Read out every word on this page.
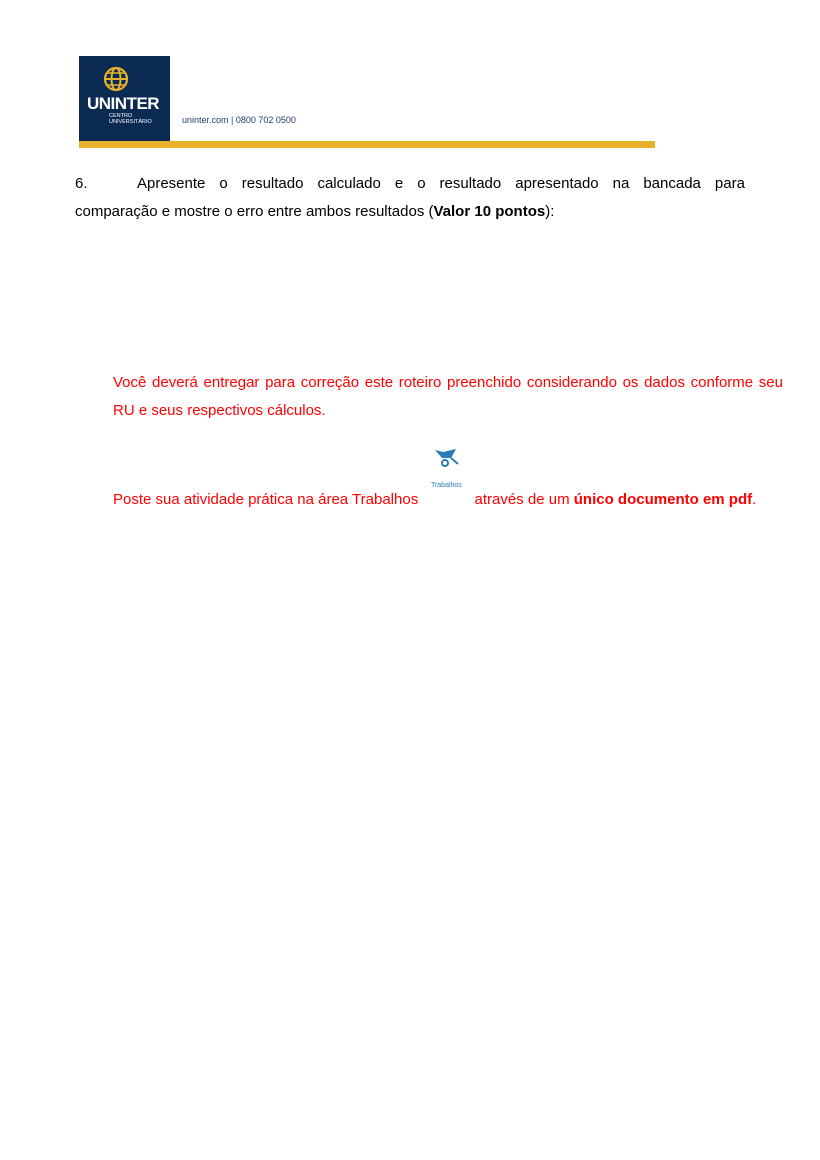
UNINTER
CENTRO
UNIVERSITÁRIO	uninter.com | 0800 702 0500
6.	Apresente o resultado calculado e o resultado apresentado na bancada para
comparação e mostre o erro entre ambos resultados (Valor 10 pontos):
Você deverá entregar para correção este roteiro preenchido considerando os dados conforme seu RU e seus respectivos cálculos.
Poste sua atividade prática na área Trabalhos
Trabalhos
através de um único documento em pdf.
